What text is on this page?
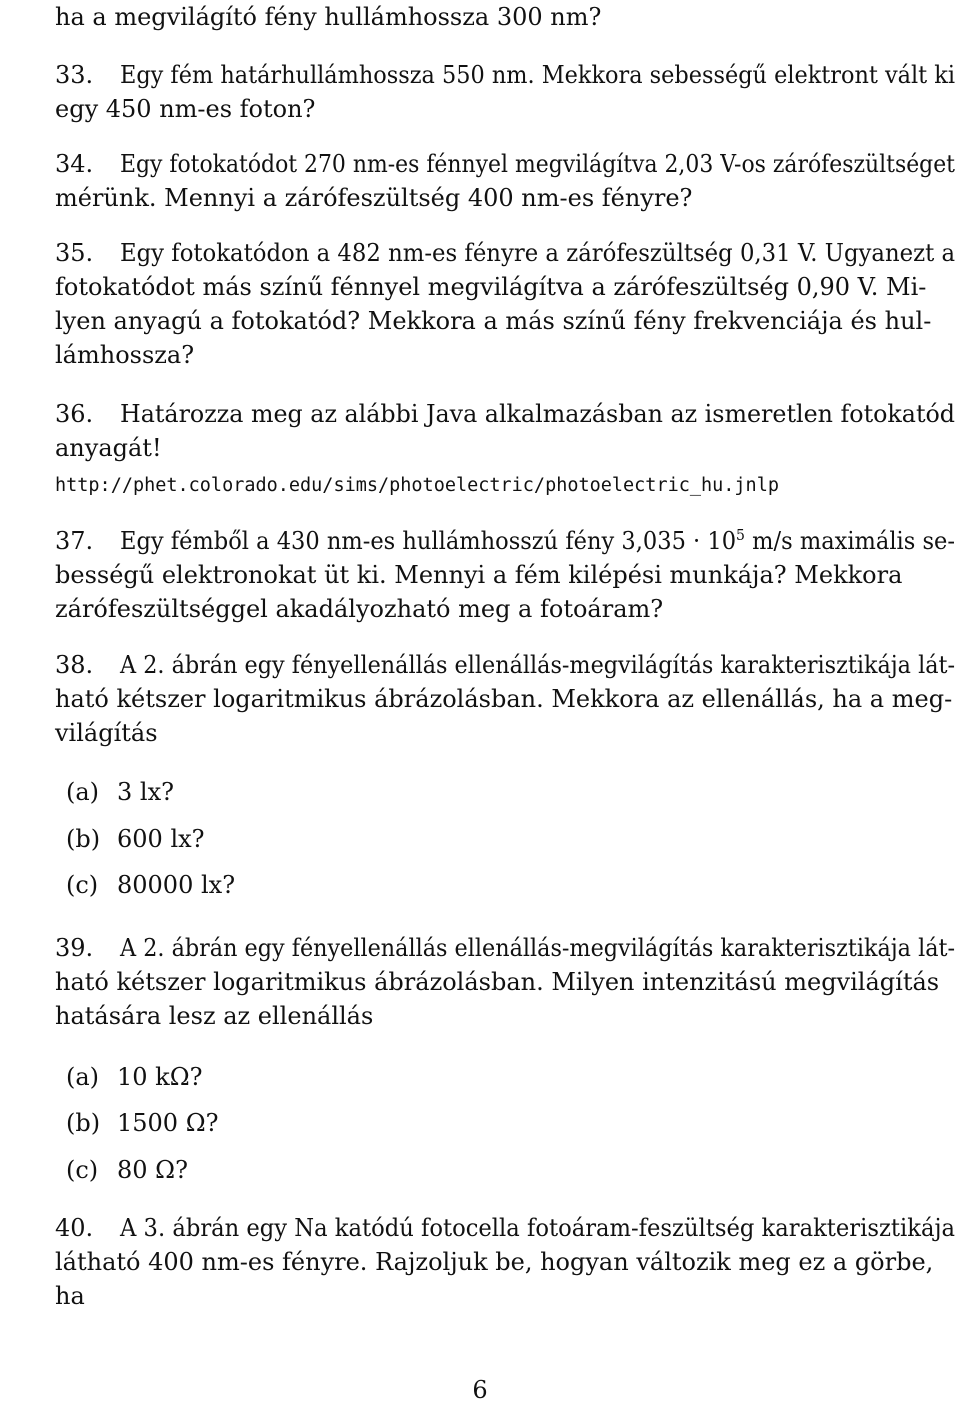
ha a megvilágító fény hullámhossza 300 nm?
33. Egy fém határhullámhossza 550 nm. Mekkora sebességű elektront vált ki
egy 450 nm-es foton?
34. Egy fotokatódot 270 nm-es fénnyel megvilágítva 2,03 V-os zárófeszültséget
mérünk. Mennyi a zárófeszültség 400 nm-es fényre?
35. Egy fotokatódon a 482 nm-es fényre a zárófeszültség 0,31 V. Ugyanezt a
fotokatódot más színű fénnyel megvilágítva a zárófeszültség 0,90 V. Mi-
lyen anyagú a fotokatód? Mekkora a más színű fény frekvenciája és hul-
lámhossza?
36. Határozza meg az alábbi Java alkalmazásban az ismeretlen fotokatód
anyagát!
http://phet.colorado.edu/sims/photoelectric/photoelectric_hu.jnlp
37. Egy fémből a 430 nm-es hullámhosszú fény $3,035 \cdot 10^5$ m/s maximális se-
bességű elektronokat üt ki. Mennyi a fém kilépési munkája? Mekkora
zárófeszültséggel akadályozható meg a fotoáram?
38. A 2. ábrán egy fényellenállás ellenállás-megvilágítás karakterisztikája lát-
ható kétszer logaritmikus ábrázolásban. Mekkora az ellenállás, ha a meg-
világítás
(a) 3 lx?
(b) 600 lx?
(c) 80000 lx?
39. A 2. ábrán egy fényellenállás ellenállás-megvilágítás karakterisztikája lát-
ható kétszer logaritmikus ábrázolásban. Milyen intenzitású megvilágítás
hatására lesz az ellenállás
(a) 10 kΩ?
(b) 1500 Ω?
(c) 80 Ω?
40. A 3. ábrán egy Na katódú fotocella fotoáram-feszültség karakterisztikája
látható 400 nm-es fényre. Rajzoljuk be, hogyan változik meg ez a görbe,
ha
6
